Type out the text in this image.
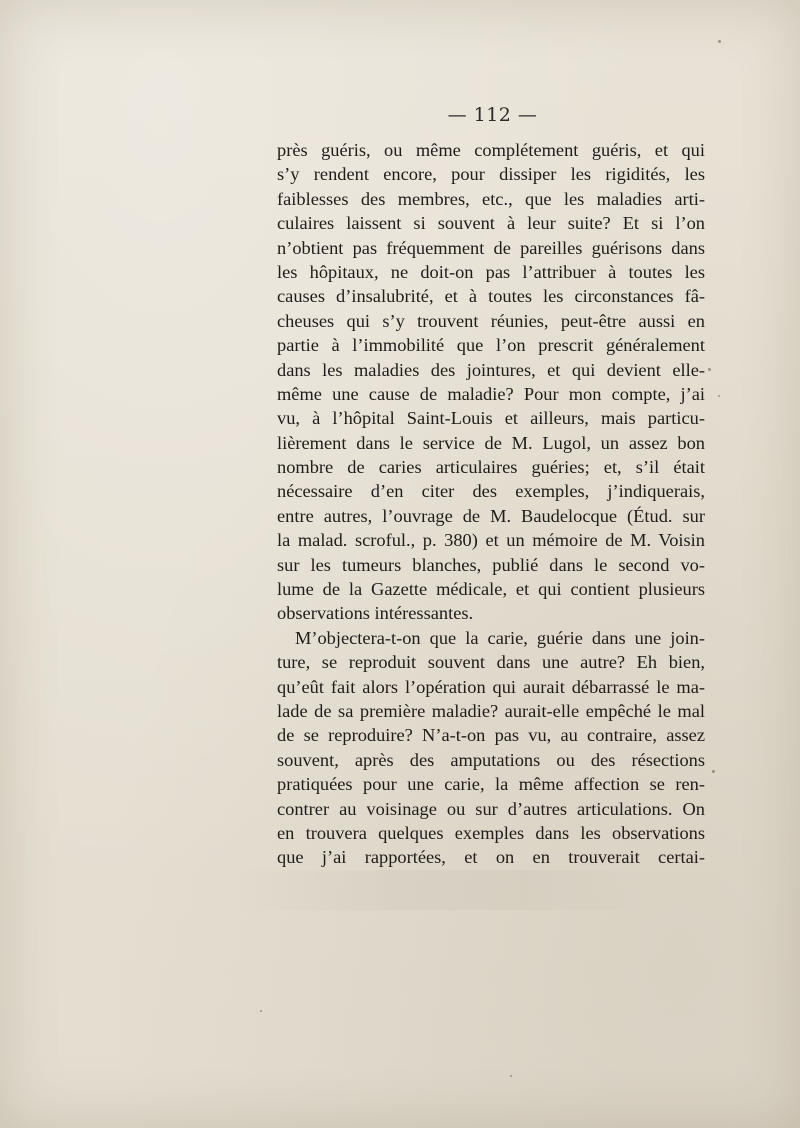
— 112 —
près guéris, ou même complétement guéris, et qui
s’y rendent encore, pour dissiper les rigidités, les
faiblesses des membres, etc., que les maladies arti-
culaires laissent si souvent à leur suite? Et si l’on
n’obtient pas fréquemment de pareilles guérisons dans
les hôpitaux, ne doit-on pas l’attribuer à toutes les
causes d’insalubrité, et à toutes les circonstances fâ-
cheuses qui s’y trouvent réunies, peut-être aussi en
partie à l’immobilité que l’on prescrit généralement
dans les maladies des jointures, et qui devient elle-
même une cause de maladie? Pour mon compte, j’ai
vu, à l’hôpital Saint-Louis et ailleurs, mais particu-
lièrement dans le service de M. Lugol, un assez bon
nombre de caries articulaires guéries; et, s’il était
nécessaire d’en citer des exemples, j’indiquerais,
entre autres, l’ouvrage de M. Baudelocque (Étud. sur
la malad. scroful., p. 380) et un mémoire de M. Voisin
sur les tumeurs blanches, publié dans le second vo-
lume de la Gazette médicale, et qui contient plusieurs
observations intéressantes.
M’objectera-t-on que la carie, guérie dans une join-
ture, se reproduit souvent dans une autre? Eh bien,
qu’eût fait alors l’opération qui aurait débarrassé le ma-
lade de sa première maladie? aurait-elle empêché le mal
de se reproduire? N’a-t-on pas vu, au contraire, assez
souvent, après des amputations ou des résections
pratiquées pour une carie, la même affection se ren-
contrer au voisinage ou sur d’autres articulations. On
en trouvera quelques exemples dans les observations
que j’ai rapportées, et on en trouverait certai-
